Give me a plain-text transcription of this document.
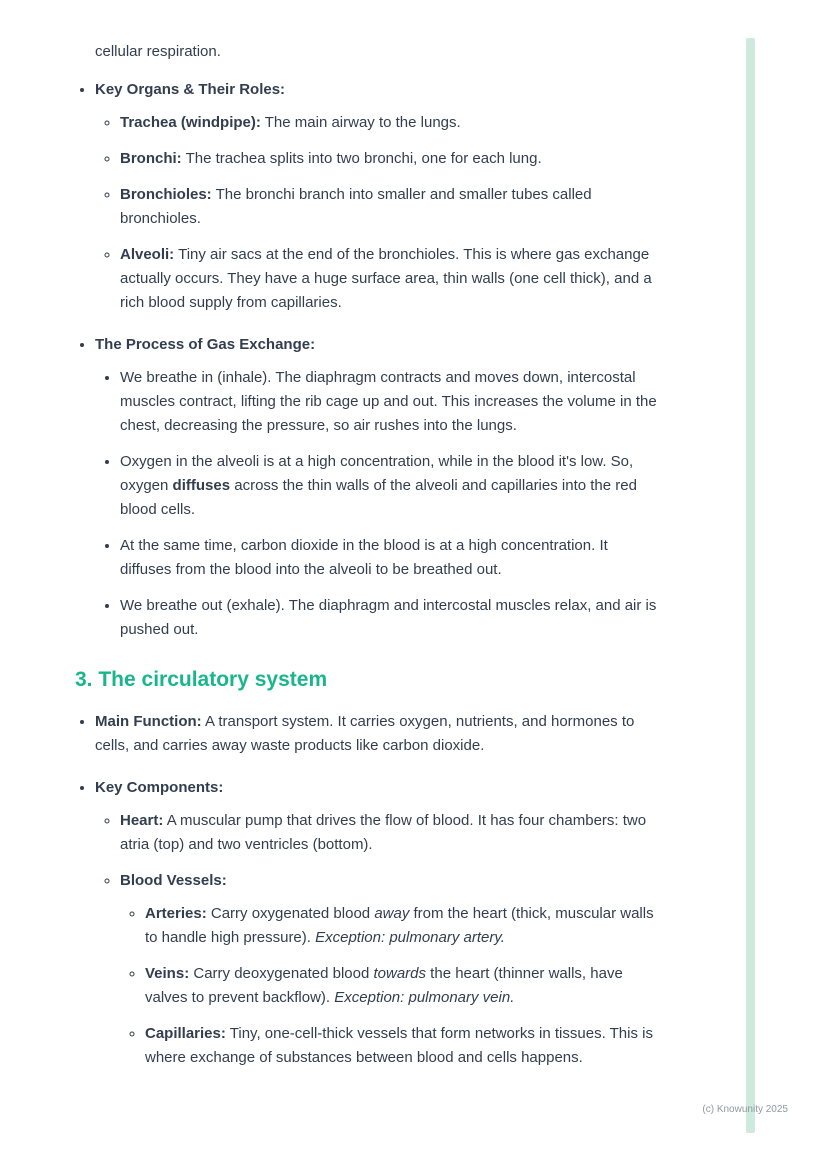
cellular respiration.

• Key Organs & Their Roles:
◦ Trachea (windpipe): The main airway to the lungs.
◦ Bronchi: The trachea splits into two bronchi, one for each lung.
◦ Bronchioles: The bronchi branch into smaller and smaller tubes called bronchioles.
◦ Alveoli: Tiny air sacs at the end of the bronchioles. This is where gas exchange actually occurs. They have a huge surface area, thin walls (one cell thick), and a rich blood supply from capillaries.
• The Process of Gas Exchange:
• We breathe in (inhale). The diaphragm contracts and moves down, intercostal muscles contract, lifting the rib cage up and out. This increases the volume in the chest, decreasing the pressure, so air rushes into the lungs.
• Oxygen in the alveoli is at a high concentration, while in the blood it's low. So, oxygen diffuses across the thin walls of the alveoli and capillaries into the red blood cells.
• At the same time, carbon dioxide in the blood is at a high concentration. It diffuses from the blood into the alveoli to be breathed out.
• We breathe out (exhale). The diaphragm and intercostal muscles relax, and air is pushed out.
3. The circulatory system
• Main Function: A transport system. It carries oxygen, nutrients, and hormones to cells, and carries away waste products like carbon dioxide.
• Key Components:
◦ Heart: A muscular pump that drives the flow of blood. It has four chambers: two atria (top) and two ventricles (bottom).
◦ Blood Vessels:
◦ Arteries: Carry oxygenated blood away from the heart (thick, muscular walls to handle high pressure). Exception: pulmonary artery.
◦ Veins: Carry deoxygenated blood towards the heart (thinner walls, have valves to prevent backflow). Exception: pulmonary vein.
◦ Capillaries: Tiny, one-cell-thick vessels that form networks in tissues. This is where exchange of substances between blood and cells happens.
(c) Knowunity 2025
